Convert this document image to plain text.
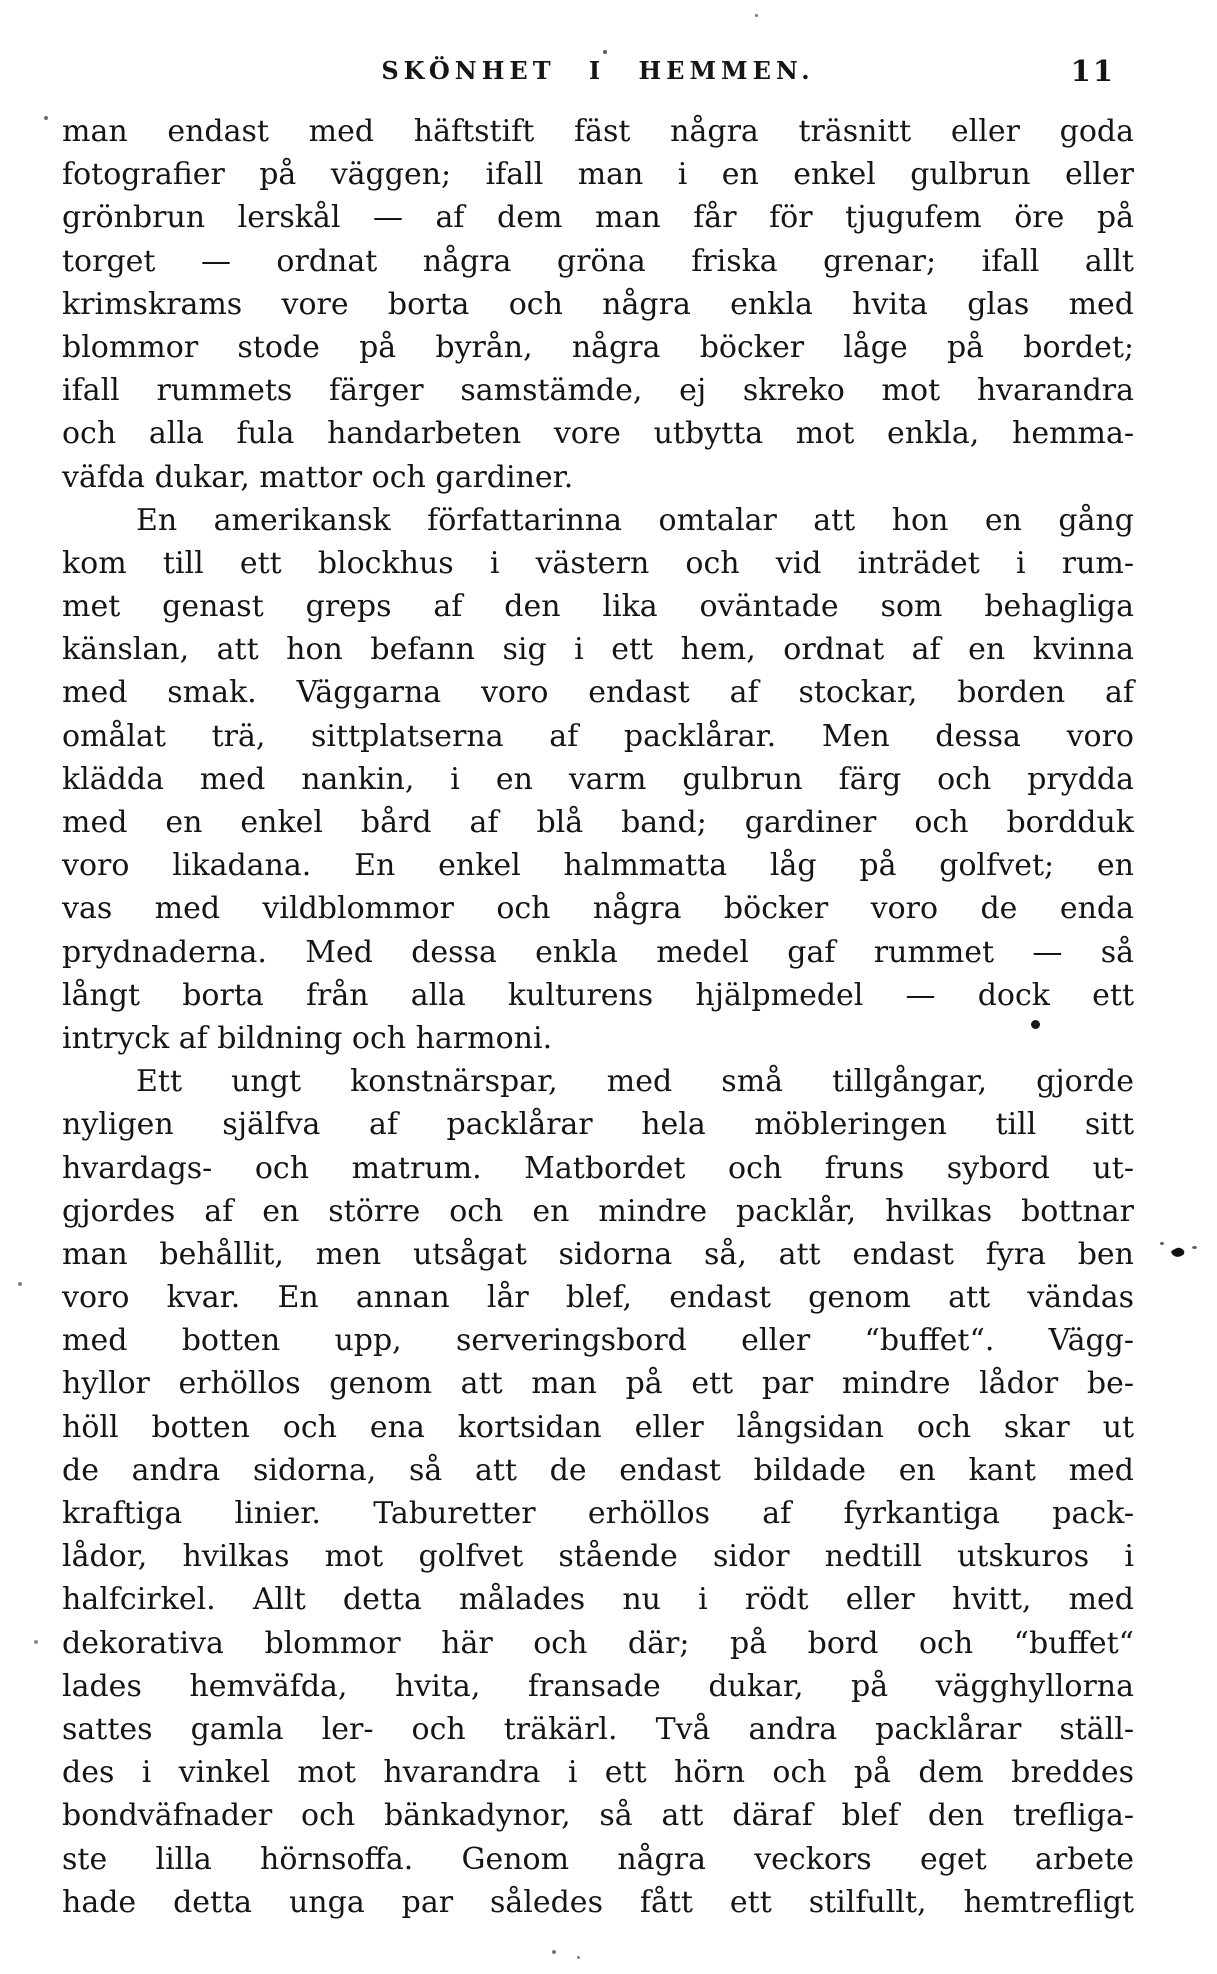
SKÖNHET I HEMMEN.	11
man endast med häftstift fäst några träsnitt eller goda
fotografier på väggen; ifall man i en enkel gulbrun eller
grönbrun lerskål — af dem man får för tjugufem öre på
torget — ordnat några gröna friska grenar; ifall allt
krimskrams vore borta och några enkla hvita glas med
blommor stode på byrån, några böcker låge på bordet;
ifall rummets färger samstämde, ej skreko mot hvarandra
och alla fula handarbeten vore utbytta mot enkla, hemma-
väfda dukar, mattor och gardiner.
En amerikansk författarinna omtalar att hon en gång
kom till ett blockhus i västern och vid inträdet i rum-
met genast greps af den lika oväntade som behagliga
känslan, att hon befann sig i ett hem, ordnat af en kvinna
med smak. Väggarna voro endast af stockar, borden af
omålat trä, sittplatserna af packlårar. Men dessa voro
klädda med nankin, i en varm gulbrun färg och prydda
med en enkel bård af blå band; gardiner och bordduk
voro likadana. En enkel halmmatta låg på golfvet; en
vas med vildblommor och några böcker voro de enda
prydnaderna. Med dessa enkla medel gaf rummet — så
långt borta från alla kulturens hjälpmedel — dock ett
intryck af bildning och harmoni.
Ett ungt konstnärspar, med små tillgångar, gjorde
nyligen själfva af packlårar hela möbleringen till sitt
hvardags- och matrum. Matbordet och fruns sybord ut-
gjordes af en större och en mindre packlår, hvilkas bottnar
man behållit, men utsågat sidorna så, att endast fyra ben
voro kvar. En annan lår blef, endast genom att vändas
med botten upp, serveringsbord eller “buffet“. Vägg-
hyllor erhöllos genom att man på ett par mindre lådor be-
höll botten och ena kortsidan eller långsidan och skar ut
de andra sidorna, så att de endast bildade en kant med
kraftiga linier. Taburetter erhöllos af fyrkantiga pack-
lådor, hvilkas mot golfvet stående sidor nedtill utskuros i
halfcirkel. Allt detta målades nu i rödt eller hvitt, med
dekorativa blommor här och där; på bord och “buffet“
lades hemväfda, hvita, fransade dukar, på vägghyllorna
sattes gamla ler- och träkärl. Två andra packlårar ställ-
des i vinkel mot hvarandra i ett hörn och på dem breddes
bondväfnader och bänkadynor, så att däraf blef den trefliga-
ste lilla hörnsoffa. Genom några veckors eget arbete
hade detta unga par således fått ett stilfullt, hemtrefligt
